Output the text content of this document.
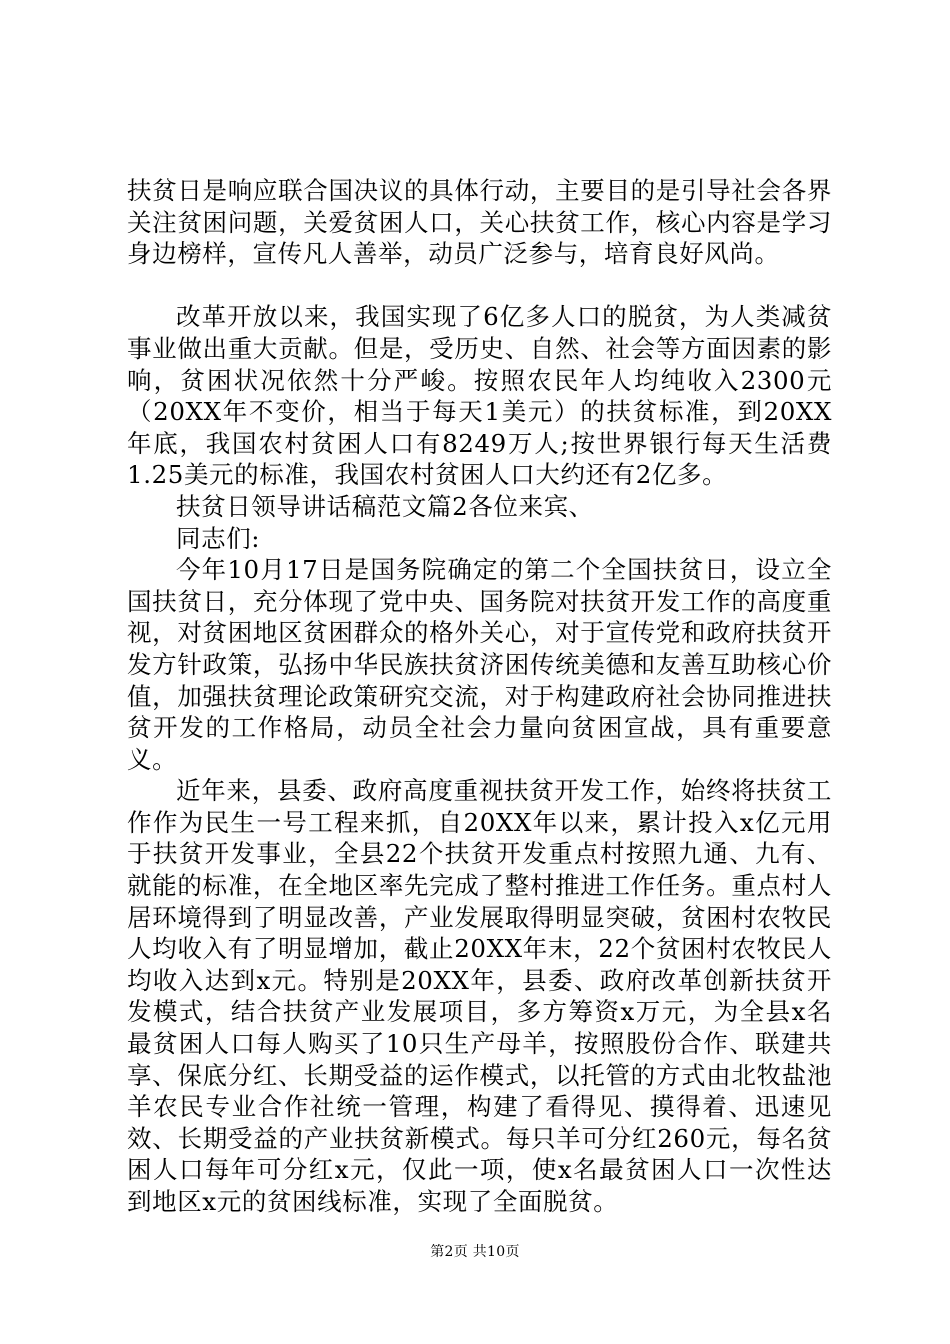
扶贫日是响应联合国决议的具体行动，主要目的是引导社会各界关注贫困问题，关爱贫困人口，关心扶贫工作，核心内容是学习身边榜样，宣传凡人善举，动员广泛参与，培育良好风尚。

改革开放以来，我国实现了6亿多人口的脱贫，为人类减贫事业做出重大贡献。但是，受历史、自然、社会等方面因素的影响，贫困状况依然十分严峻。按照农民年人均纯收入2300元（20XX年不变价，相当于每天1美元）的扶贫标准，到20XX年底，我国农村贫困人口有8249万人;按世界银行每天生活费1.25美元的标准，我国农村贫困人口大约还有2亿多。

扶贫日领导讲话稿范文篇2各位来宾、

同志们:

今年10月17日是国务院确定的第二个全国扶贫日，设立全国扶贫日，充分体现了党中央、国务院对扶贫开发工作的高度重视，对贫困地区贫困群众的格外关心，对于宣传党和政府扶贫开发方针政策，弘扬中华民族扶贫济困传统美德和友善互助核心价值，加强扶贫理论政策研究交流，对于构建政府社会协同推进扶贫开发的工作格局，动员全社会力量向贫困宣战，具有重要意义。

近年来，县委、政府高度重视扶贫开发工作，始终将扶贫工作作为民生一号工程来抓，自20XX年以来，累计投入x亿元用于扶贫开发事业，全县22个扶贫开发重点村按照九通、九有、就能的标准，在全地区率先完成了整村推进工作任务。重点村人居环境得到了明显改善，产业发展取得明显突破，贫困村农牧民人均收入有了明显增加，截止20XX年末，22个贫困村农牧民人均收入达到x元。特别是20XX年，县委、政府改革创新扶贫开发模式，结合扶贫产业发展项目，多方筹资x万元，为全县x名最贫困人口每人购买了10只生产母羊，按照股份合作、联建共享、保底分红、长期受益的运作模式，以托管的方式由北牧盐池羊农民专业合作社统一管理，构建了看得见、摸得着、迅速见效、长期受益的产业扶贫新模式。每只羊可分红260元，每名贫困人口每年可分红x元，仅此一项，使x名最贫困人口一次性达到地区x元的贫困线标准，实现了全面脱贫。

第2页 共10页
